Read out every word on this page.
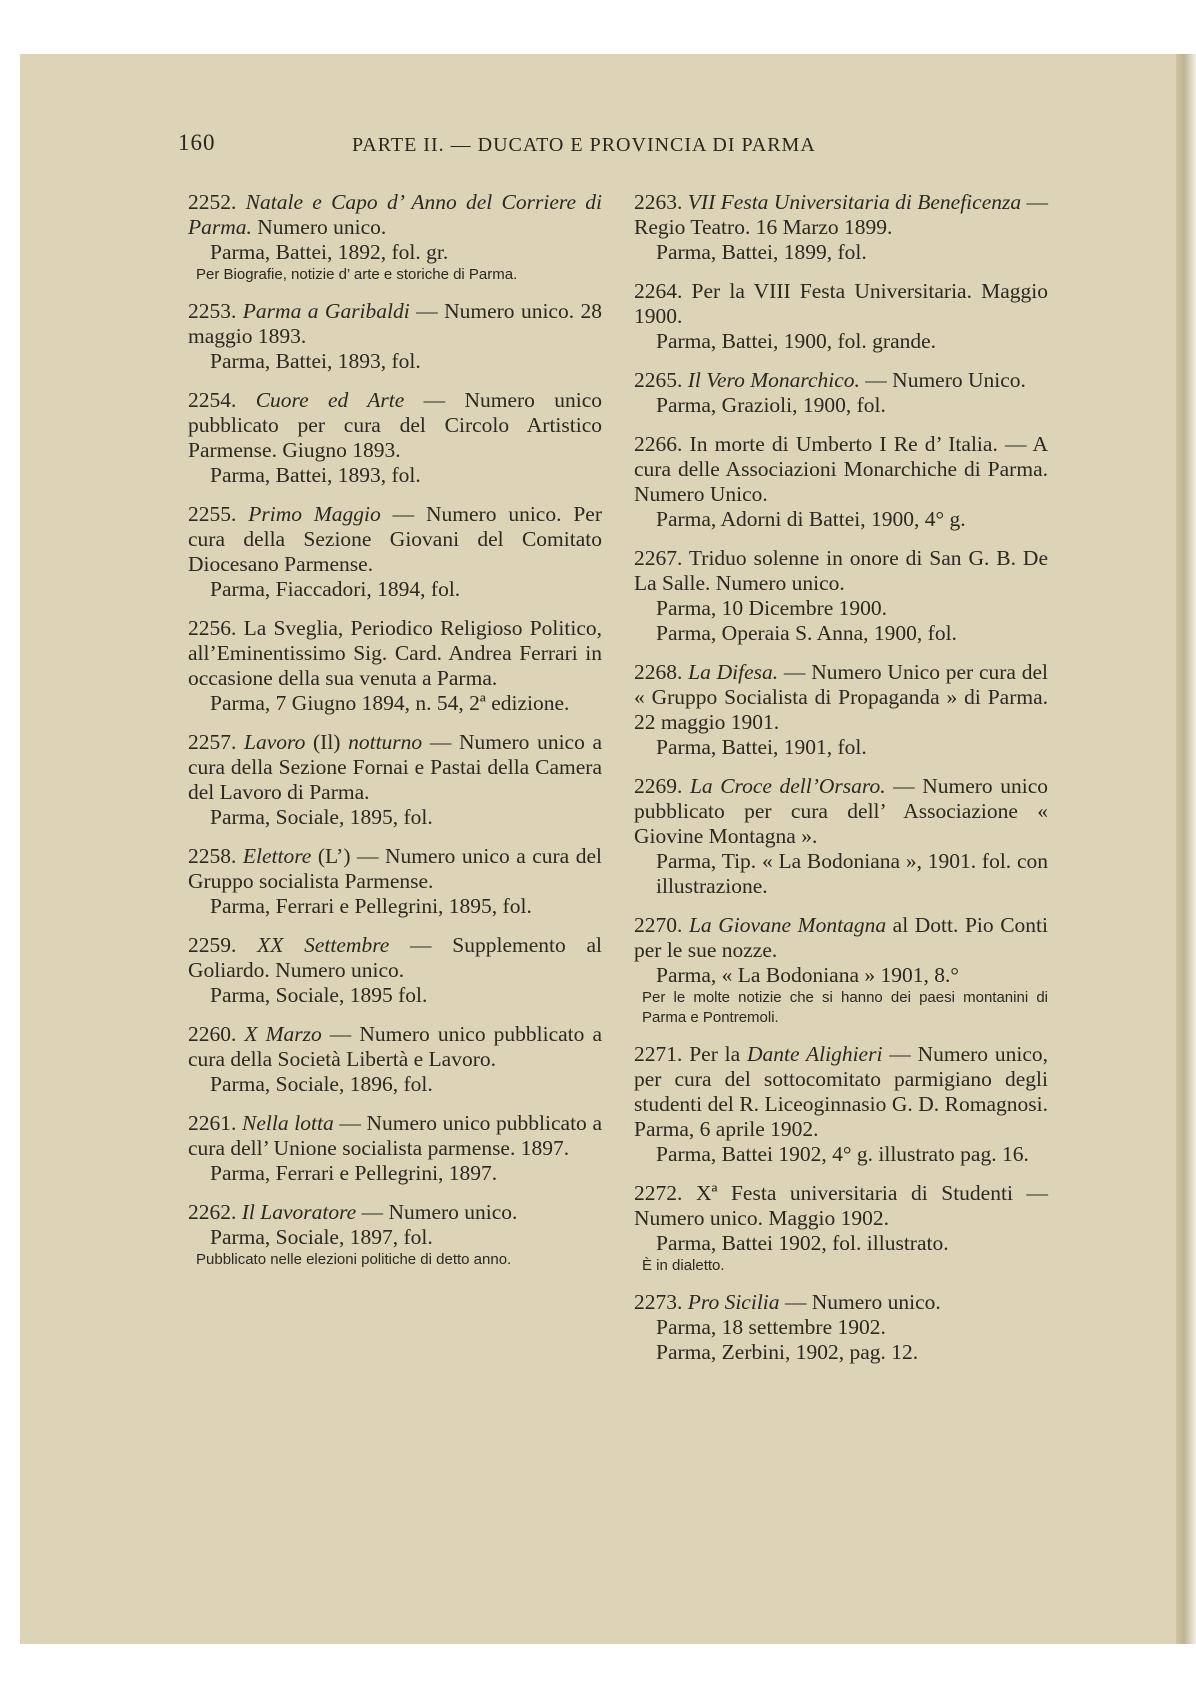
160	PARTE II. — DUCATO E PROVINCIA DI PARMA

2252. Natale e Capo d’ Anno del Corriere di Parma. Numero unico.

Parma, Battei, 1892, fol. gr.

Per Biografie, notizie d’ arte e storiche di Parma.

2253. Parma a Garibaldi — Numero unico. 28 maggio 1893.

Parma, Battei, 1893, fol.

2254. Cuore ed Arte — Numero unico pubblicato per cura del Circolo Artistico Parmense. Giugno 1893.

Parma, Battei, 1893, fol.

2255. Primo Maggio — Numero unico. Per cura della Sezione Giovani del Comitato Diocesano Parmense.

Parma, Fiaccadori, 1894, fol.

2256. La Sveglia, Periodico Religioso Politico, all’Eminentissimo Sig. Card. Andrea Ferrari in occasione della sua venuta a Parma.

Parma, 7 Giugno 1894, n. 54, 2ª edizione.

2257. Lavoro (Il) notturno — Numero unico a cura della Sezione Fornai e Pastai della Camera del Lavoro di Parma.

Parma, Sociale, 1895, fol.

2258. Elettore (L’) — Numero unico a cura del Gruppo socialista Parmense.

Parma, Ferrari e Pellegrini, 1895, fol.

2259. XX Settembre — Supplemento al Goliardo. Numero unico.

Parma, Sociale, 1895 fol.

2260. X Marzo — Numero unico pubblicato a cura della Società Libertà e Lavoro.

Parma, Sociale, 1896, fol.

2261. Nella lotta — Numero unico pubblicato a cura dell’ Unione socialista parmense. 1897.

Parma, Ferrari e Pellegrini, 1897.

2262. Il Lavoratore — Numero unico.

Parma, Sociale, 1897, fol.

Pubblicato nelle elezioni politiche di detto anno.

2263. VII Festa Universitaria di Beneficenza — Regio Teatro. 16 Marzo 1899.

Parma, Battei, 1899, fol.

2264. Per la VIII Festa Universitaria. Maggio 1900.

Parma, Battei, 1900, fol. grande.

2265. Il Vero Monarchico. — Numero Unico.

Parma, Grazioli, 1900, fol.

2266. In morte di Umberto I Re d’ Italia. — A cura delle Associazioni Monarchiche di Parma. Numero Unico.

Parma, Adorni di Battei, 1900, 4° g.

2267. Triduo solenne in onore di San G. B. De La Salle. Numero unico.

Parma, 10 Dicembre 1900.

Parma, Operaia S. Anna, 1900, fol.

2268. La Difesa. — Numero Unico per cura del « Gruppo Socialista di Propaganda » di Parma. 22 maggio 1901.

Parma, Battei, 1901, fol.

2269. La Croce dell’Orsaro. — Numero unico pubblicato per cura dell’ Associazione « Giovine Montagna ».

Parma, Tip. « La Bodoniana », 1901. fol. con illustrazione.

2270. La Giovane Montagna al Dott. Pio Conti per le sue nozze.

Parma, « La Bodoniana » 1901, 8.°

Per le molte notizie che si hanno dei paesi montanini di Parma e Pontremoli.

2271. Per la Dante Alighieri — Numero unico, per cura del sottocomitato parmigiano degli studenti del R. Liceoginnasio G. D. Romagnosi. Parma, 6 aprile 1902.

Parma, Battei 1902, 4° g. illustrato pag. 16.

2272. Xª Festa universitaria di Studenti — Numero unico. Maggio 1902.

Parma, Battei 1902, fol. illustrato.

È in dialetto.

2273. Pro Sicilia — Numero unico.

Parma, 18 settembre 1902.

Parma, Zerbini, 1902, pag. 12.
